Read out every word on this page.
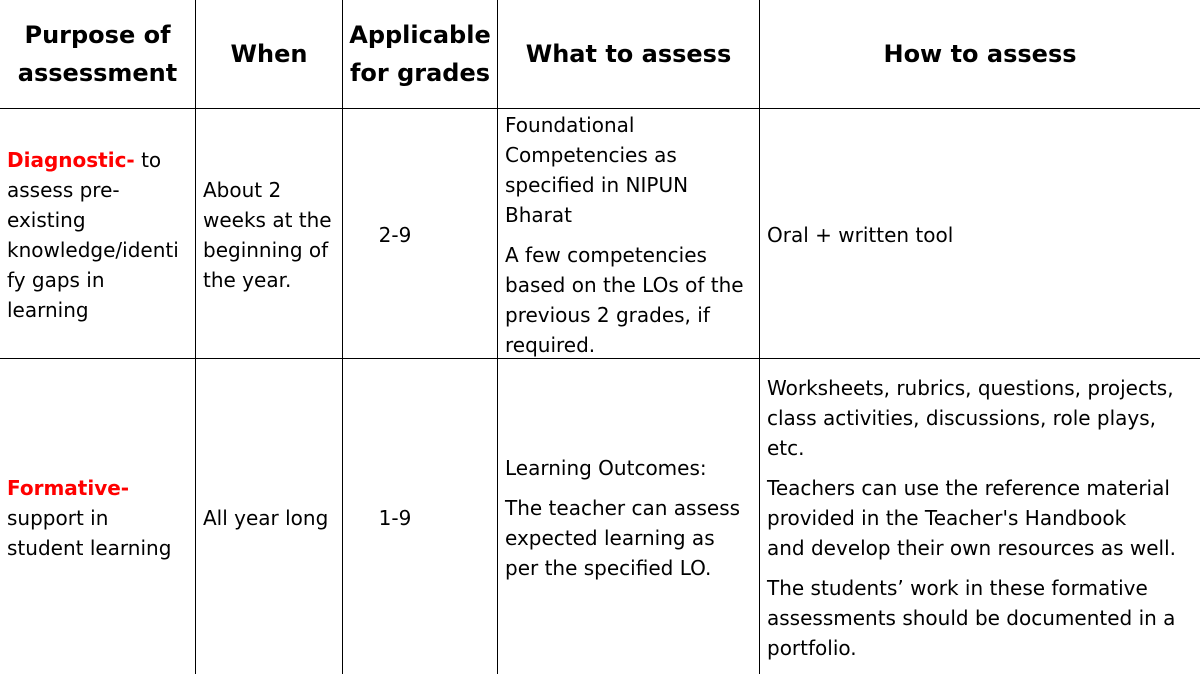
Purpose of assessment
When
Applicable for grades
What to assess	How to assess

Diagnostic- to

assess pre-

existing

knowledge/identi

fy gaps in

learning

About 2

weeks at the

beginning of

the year.

2-9

Foundational

Competencies as

specified in NIPUN

Bharat

A few competencies

based on the LOs of the

previous 2 grades, if

required.

Oral + written tool

Formative-

support in

student learning

All year long	1-9

Learning Outcomes:

The teacher can assess

expected learning as

per the specified LO.

Worksheets, rubrics, questions, projects,

class activities, discussions, role plays,

etc.

Teachers can use the reference material

provided in the Teacher's Handbook

and develop their own resources as well.

The students’ work in these formative

assessments should be documented in a

portfolio.
